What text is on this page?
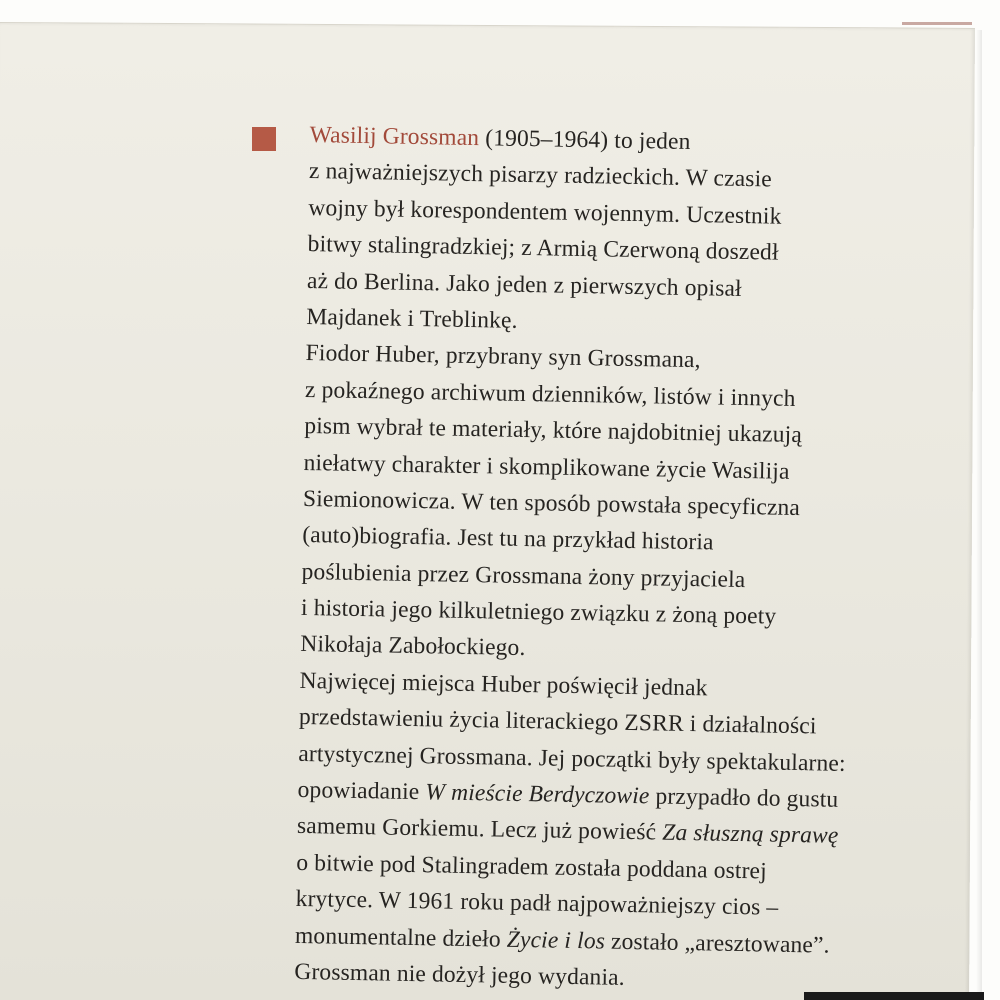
Wasilij Grossman (1905–1964) to jeden
z najważniejszych pisarzy radzieckich. W czasie
wojny był korespondentem wojennym. Uczestnik
bitwy stalingradzkiej; z Armią Czerwoną doszedł
aż do Berlina. Jako jeden z pierwszych opisał
Majdanek i Treblinkę.
Fiodor Huber, przybrany syn Grossmana,
z pokaźnego archiwum dzienników, listów i innych
pism wybrał te materiały, które najdobitniej ukazują
niełatwy charakter i skomplikowane życie Wasilija
Siemionowicza. W ten sposób powstała specyficzna
(auto)biografia. Jest tu na przykład historia
poślubienia przez Grossmana żony przyjaciela
i historia jego kilkuletniego związku z żoną poety
Nikołaja Zabołockiego.
Najwięcej miejsca Huber poświęcił jednak
przedstawieniu życia literackiego ZSRR i działalności
artystycznej Grossmana. Jej początki były spektakularne:
opowiadanie W mieście Berdyczowie przypadło do gustu
samemu Gorkiemu. Lecz już powieść Za słuszną sprawę
o bitwie pod Stalingradem została poddana ostrej
krytyce. W 1961 roku padł najpoważniejszy cios –
monumentalne dzieło Życie i los zostało „aresztowane”.
Grossman nie dożył jego wydania.
